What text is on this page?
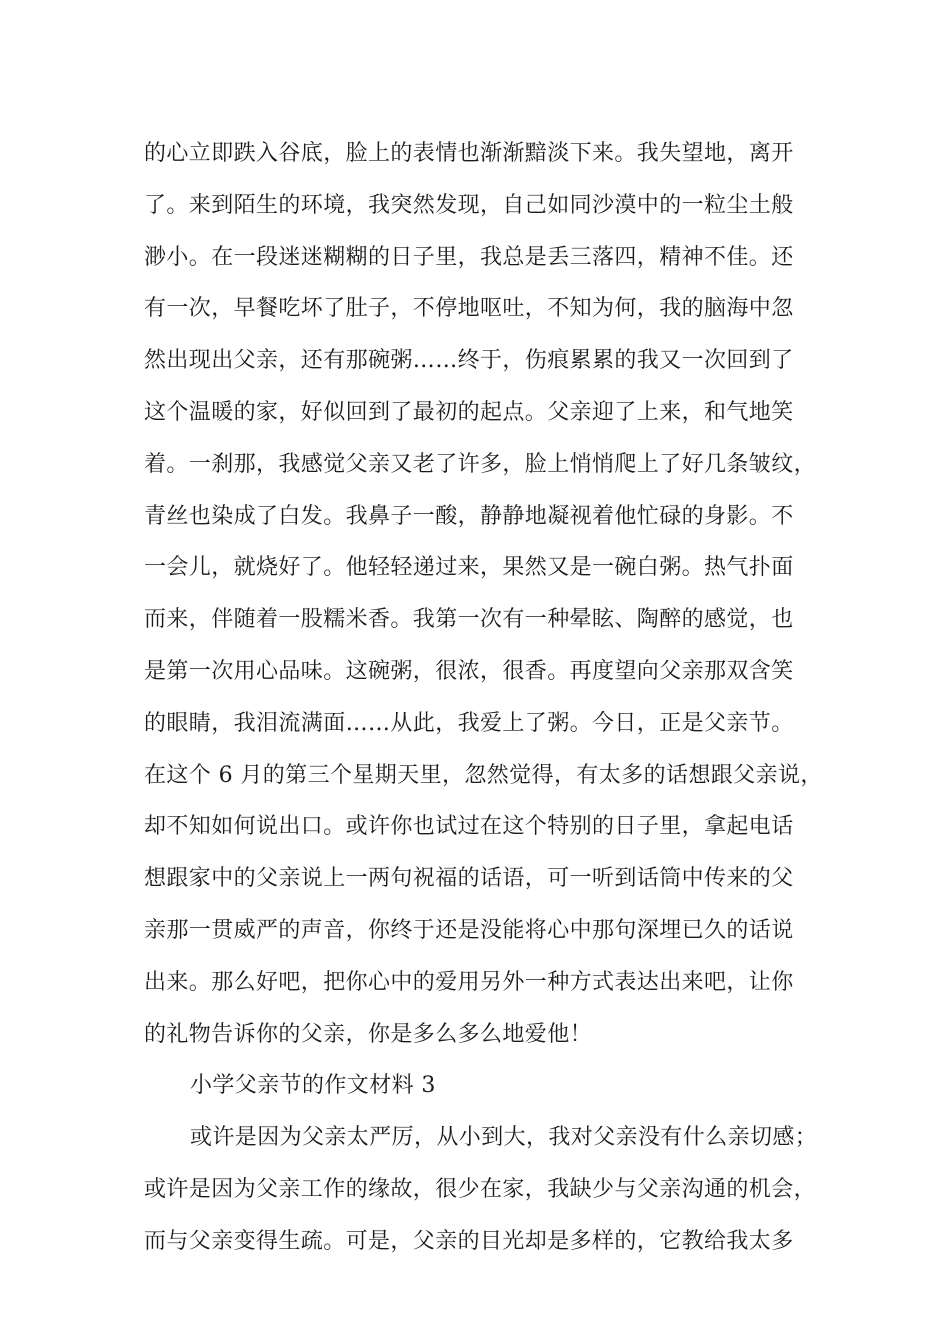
的心立即跌入谷底，脸上的表情也渐渐黯淡下来。我失望地，离开
了。来到陌生的环境，我突然发现，自己如同沙漠中的一粒尘土般
渺小。在一段迷迷糊糊的日子里，我总是丢三落四，精神不佳。还
有一次，早餐吃坏了肚子，不停地呕吐，不知为何，我的脑海中忽
然出现出父亲，还有那碗粥……终于，伤痕累累的我又一次回到了
这个温暖的家，好似回到了最初的起点。父亲迎了上来，和气地笑
着。一刹那，我感觉父亲又老了许多，脸上悄悄爬上了好几条皱纹，
青丝也染成了白发。我鼻子一酸，静静地凝视着他忙碌的身影。不
一会儿，就烧好了。他轻轻递过来，果然又是一碗白粥。热气扑面
而来，伴随着一股糯米香。我第一次有一种晕眩、陶醉的感觉，也
是第一次用心品味。这碗粥，很浓，很香。再度望向父亲那双含笑
的眼睛，我泪流满面……从此，我爱上了粥。今日，正是父亲节。
在这个 6 月的第三个星期天里，忽然觉得，有太多的话想跟父亲说，
却不知如何说出口。或许你也试过在这个特别的日子里，拿起电话
想跟家中的父亲说上一两句祝福的话语，可一听到话筒中传来的父
亲那一贯威严的声音，你终于还是没能将心中那句深埋已久的话说
出来。那么好吧，把你心中的爱用另外一种方式表达出来吧，让你
的礼物告诉你的父亲，你是多么多么地爱他！
小学父亲节的作文材料 3
或许是因为父亲太严厉，从小到大，我对父亲没有什么亲切感；
或许是因为父亲工作的缘故，很少在家，我缺少与父亲沟通的机会，
而与父亲变得生疏。可是，父亲的目光却是多样的，它教给我太多
